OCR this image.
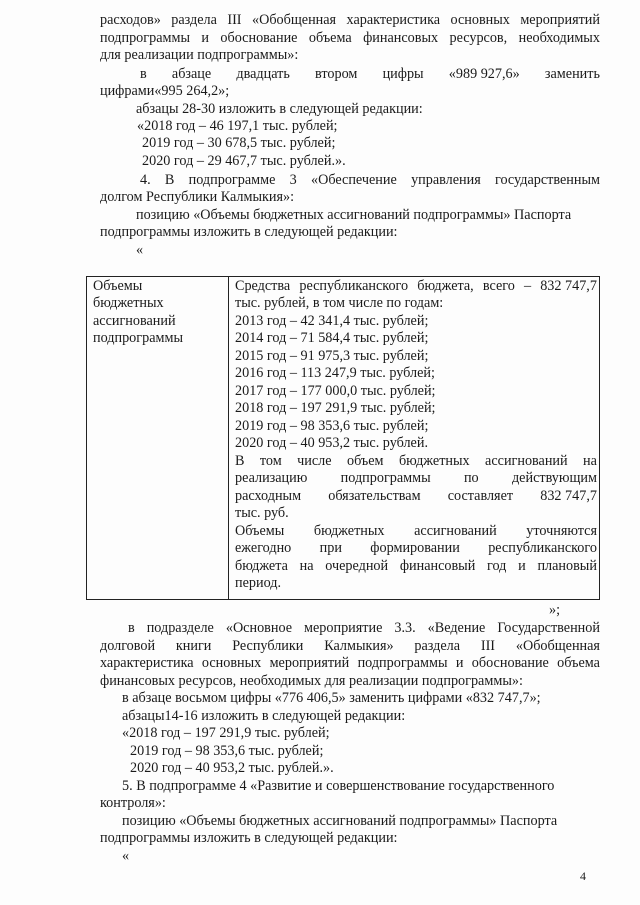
расходов» раздела III «Обобщенная характеристика основных мероприятий
подпрограммы и обоснование объема финансовых ресурсов, необходимых
для реализации подпрограммы»:
в абзаце двадцать втором цифры «989 927,6» заменить
цифрами«995 264,2»;
абзацы 28-30 изложить в следующей редакции:
«2018 год – 46 197,1 тыс. рублей;
2019 год – 30 678,5 тыс. рублей;
2020 год – 29 467,7 тыс. рублей.».
4. В подпрограмме 3 «Обеспечение управления государственным
долгом Республики Калмыкия»:
позицию «Объемы бюджетных ассигнований подпрограммы» Паспорта
подпрограммы изложить в следующей редакции:
«
Объемы
бюджетных
ассигнований
подпрограммы
Средства республиканского бюджета, всего – 832 747,7
тыс. рублей, в том числе по годам:
2013 год – 42 341,4 тыс. рублей;
2014 год – 71 584,4 тыс. рублей;
2015 год – 91 975,3 тыс. рублей;
2016 год – 113 247,9 тыс. рублей;
2017 год – 177 000,0 тыс. рублей;
2018 год – 197 291,9 тыс. рублей;
2019 год – 98 353,6 тыс. рублей;
2020 год – 40 953,2 тыс. рублей.
В том числе объем бюджетных ассигнований на
реализацию подпрограммы по действующим
расходным обязательствам составляет 832 747,7
тыс. руб.
Объемы бюджетных ассигнований уточняются
ежегодно при формировании республиканского
бюджета на очередной финансовый год и плановый
период.
»;
в подразделе «Основное мероприятие 3.3. «Ведение Государственной
долговой книги Республики Калмыкия» раздела III «Обобщенная
характеристика основных мероприятий подпрограммы и обоснование объема
финансовых ресурсов, необходимых для реализации подпрограммы»:
в абзаце восьмом цифры «776 406,5» заменить цифрами «832 747,7»;
абзацы14-16 изложить в следующей редакции:
«2018 год – 197 291,9 тыс. рублей;
2019 год – 98 353,6 тыс. рублей;
2020 год – 40 953,2 тыс. рублей.».
5. В подпрограмме 4 «Развитие и совершенствование государственного
контроля»:
позицию «Объемы бюджетных ассигнований подпрограммы» Паспорта
подпрограммы изложить в следующей редакции:
«
4
